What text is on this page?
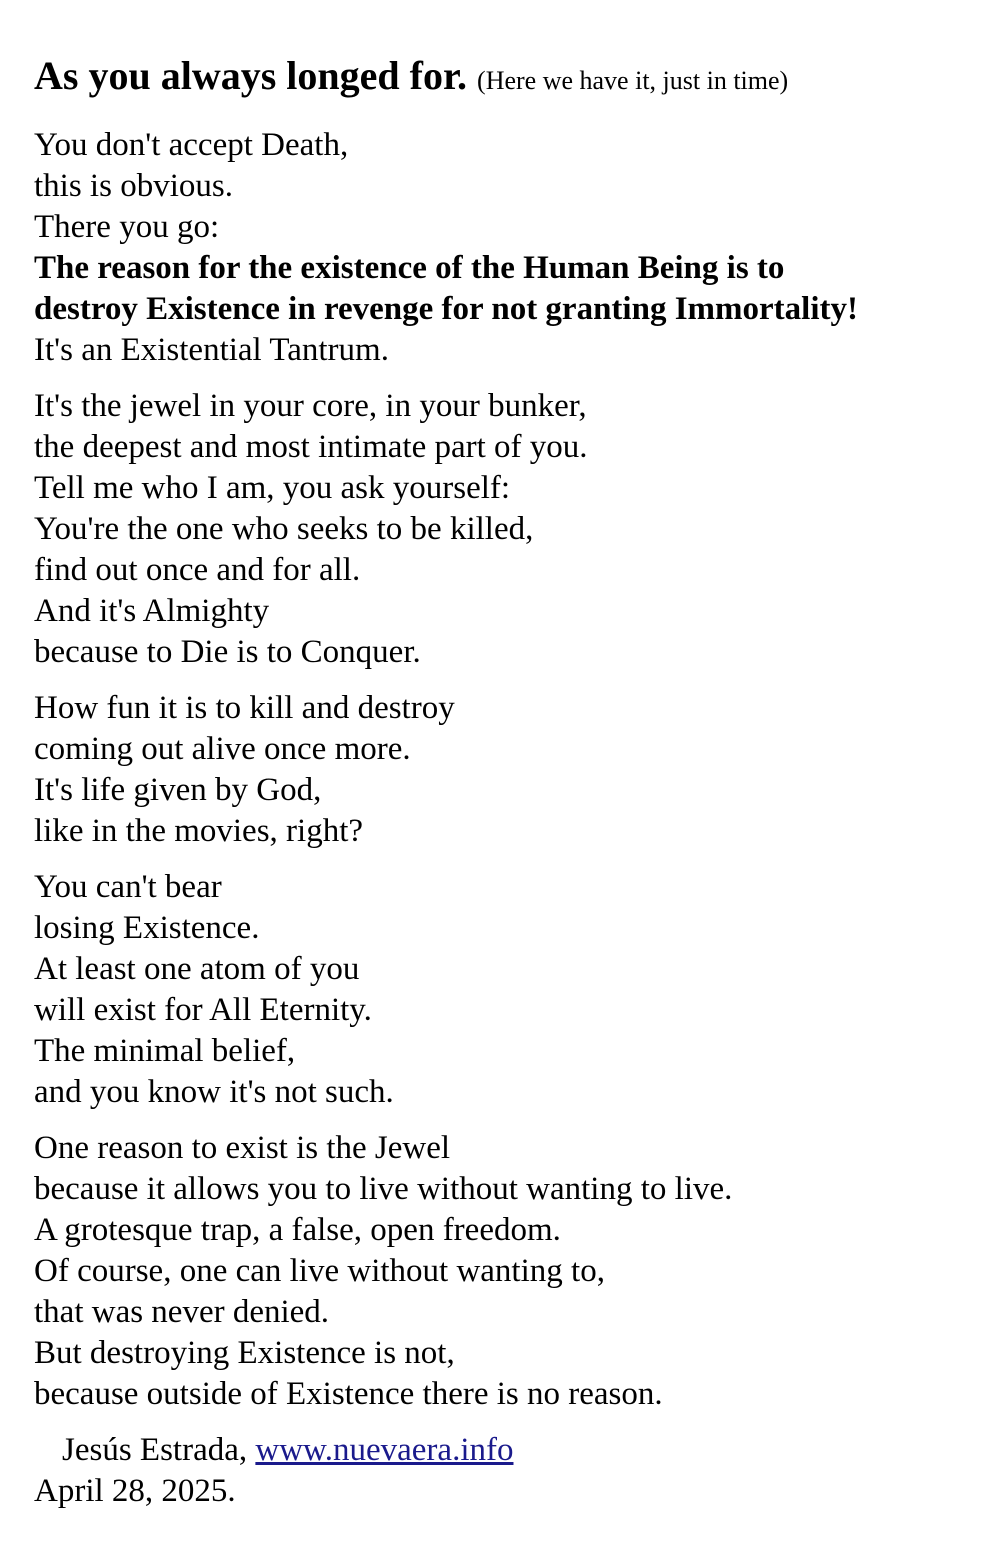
As you always longed for. (Here we have it, just in time)
You don't accept Death,
this is obvious.
There you go:
The reason for the existence of the Human Being is to
destroy Existence in revenge for not granting Immortality!
It's an Existential Tantrum.
It's the jewel in your core, in your bunker,
the deepest and most intimate part of you.
Tell me who I am, you ask yourself:
You're the one who seeks to be killed,
find out once and for all.
And it's Almighty
because to Die is to Conquer.
How fun it is to kill and destroy
coming out alive once more.
It's life given by God,
like in the movies, right?
You can't bear
losing Existence.
At least one atom of you
will exist for All Eternity.
The minimal belief,
and you know it's not such.
One reason to exist is the Jewel
because it allows you to live without wanting to live.
A grotesque trap, a false, open freedom.
Of course, one can live without wanting to,
that was never denied.
But destroying Existence is not,
because outside of Existence there is no reason.
Jesús Estrada, www.nuevaera.info
April 28, 2025.
